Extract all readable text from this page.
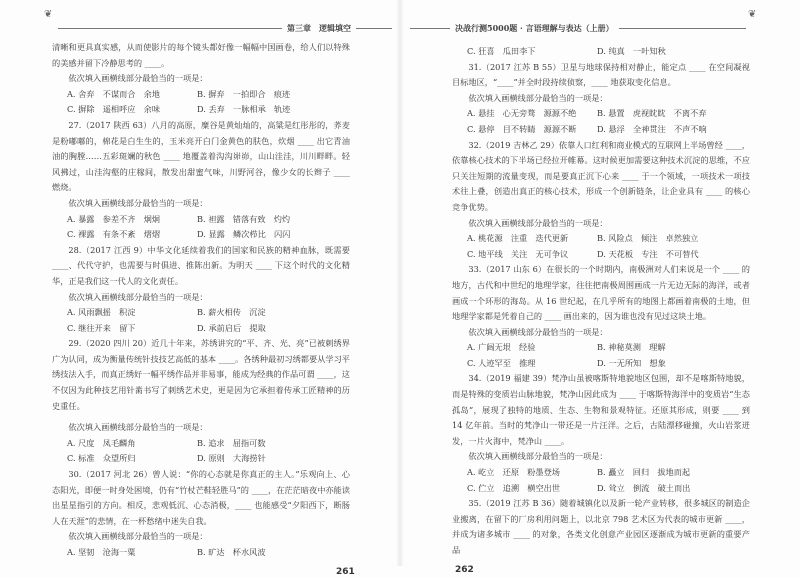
❦
第三章　逻辑填空

清晰和更具真实感，从而使影片的每个镜头都好像一幅幅中国画卷，给人们以特殊的美感并留下冷静思考的 ____。

依次填入画横线部分最恰当的一项是：

A. 舍弃　不谋而合　余地	B. 摒弃　一拍即合　痕迹
C. 摒除　遥相呼应　余味	D. 丢弃　一脉相承　轨迹

27.（2017 陕西 63）八月的高原，糜谷是黄灿灿的，高粱是红彤彤的，荞麦是粉嘟嘟的，棉花是白生生的，玉米亮开白门金黄色的肤色，炊烟 ____ 出它青油油的胸膛……五彩斑斓的秋色 ____ 地覆盖着沟沟峁峁，山山洼洼，川川畔畔。轻风拂过，山洼沟壑的庄稼间，散发出甜蜜气味，川野河谷，像少女的长辫子 ____ 燃烧。

依次填入画横线部分最恰当的一项是：

A. 暴露　参差不齐　炯炯	B. 袒露　错落有致　灼灼
C. 裸露　有条不紊　熠熠	D. 显露　鳞次栉比　闪闪

28.（2017 江西 9）中华文化延续着我们的国家和民族的精神血脉，既需要 ____、代代守护，也需要与时俱进、推陈出新。为明天 ____ 下这个时代的文化精华，正是我们这一代人的文化责任。

依次填入画横线部分最恰当的一项是：

A. 风雨飘摇　积淀	B. 薪火相传　沉淀
C. 继往开来　留下	D. 承前启后　提取

29.（2020 四川 20）近几十年来，苏绣讲究的“平、齐、光、亮”已被刺绣界广为认同，成为衡量传统针技技艺高低的基本 ____。各绣种最初习绣都要从学习平绣技法入手，而真正绣好一幅平绣作品并非易事，能成为经典的作品可谓 ____，这不仅因为此种技艺用针黹书写了刺绣艺术史，更是因为它承担着传承工匠精神的历史重任。

依次填入画横线部分最恰当的一项是：

A. 尺度　凤毛麟角	B. 追求　屈指可数
C. 标准　众望所归	D. 原则　大海捞针

30.（2017 河北 26）曾人说：“你的心态就是你真正的主人。”乐观向上、心态阳光，即便一时身处困境，仍有“竹杖芒鞋轻胜马”的 ____，在茫茫暗夜中亦能读出星星指引的方向。相反，悲观低沉、心态消极，____ 也能感受“夕阳西下，断肠人在天涯”的悲情，在一杯愁绪中迷失自我。

依次填入画横线部分最恰当的一项是：

A. 坚韧　沧海一粟	B. 旷达　杯水风波
261
❦
决战行测5000题 · 言语理解与表达（上册）
C. 狂喜　瓜田李下	D. 纯真　一叶知秋

31.（2017 江苏 B 55）卫星与地球保持相对静止，能定点 ____ 在空间凝视目标地区，“____”并全时段持续侦察，____ 地获取变化信息。

依次填入画横线部分最恰当的一项是：

A. 悬挂　心无旁骛　源源不绝	B. 悬置　虎视眈眈　不离不弃
C. 悬停　目不转睛　源源不断	D. 悬浮　全神贯注　不声不响

32.（2019 吉林乙 29）依靠人口红利和商业模式的互联网上半场曾经 ____，依靠核心技术的下半场已经拉开帷幕。这时候更加需要这种技术沉淀的思维，不应只关注短期的流量变现，而是要真正沉下心来 ____ 于一个领域，一项技术一项技术往上叠，创造出真正的核心技术，形成一个创新链条，让企业具有 ____ 的核心竞争优势。

依次填入画横线部分最恰当的一项是：

A. 桃花源　注重　迭代更新	B. 风险点　倾注　卓然独立
C. 地平线　关注　无可争议	D. 天花板　专注　不可替代

33.（2017 山东 6）在很长的一个时期内，南极洲对人们来说是一个 ____ 的地方，古代和中世纪的地理学家，往往把南极周围画成一片无边无际的海洋，或者画成一个环形的海岛。从 16 世纪起，在几乎所有的地图上都画着南极的土地，但地理学家都是凭着自己的 ____ 画出来的，因为谁也没有见过这块土地。

依次填入画横线部分最恰当的一项是：

A. 广阔无垠　经验	B. 神秘莫测　理解
C. 人迹罕至　推理	D. 一无所知　想象

34.（2019 福建 39）梵净山虽被喀斯特地貌地区包围，却不是喀斯特地貌，而是特殊的变质岩山脉地貌，梵净山因此成为 ____ 于喀斯特海洋中的变质岩“生态孤岛”，展现了独特的地质、生态、生物和景观特征。还原其形成，则要 ____ 到 14 亿年前。当时的梵净山一带还是一片汪洋。之后，古陆漂移碰撞，火山岩浆迸发，一片火海中，梵净山 ____。

依次填入画横线部分最恰当的一项是：

A. 屹立　还原　粉墨登场	B. 矗立　回归　拔地而起
C. 伫立　追溯　横空出世	D. 耸立　倒流　破土而出

35.（2019 江苏 B 36）随着城镇化以及新一轮产业转移，很多城区的制造企业搬离，在留下的厂房利用问题上，以北京 798 艺术区为代表的城市更新 ____，并成为诸多城市 ____ 的对象，各类文化创意产业园区逐渐成为城市更新的重要产品

262
